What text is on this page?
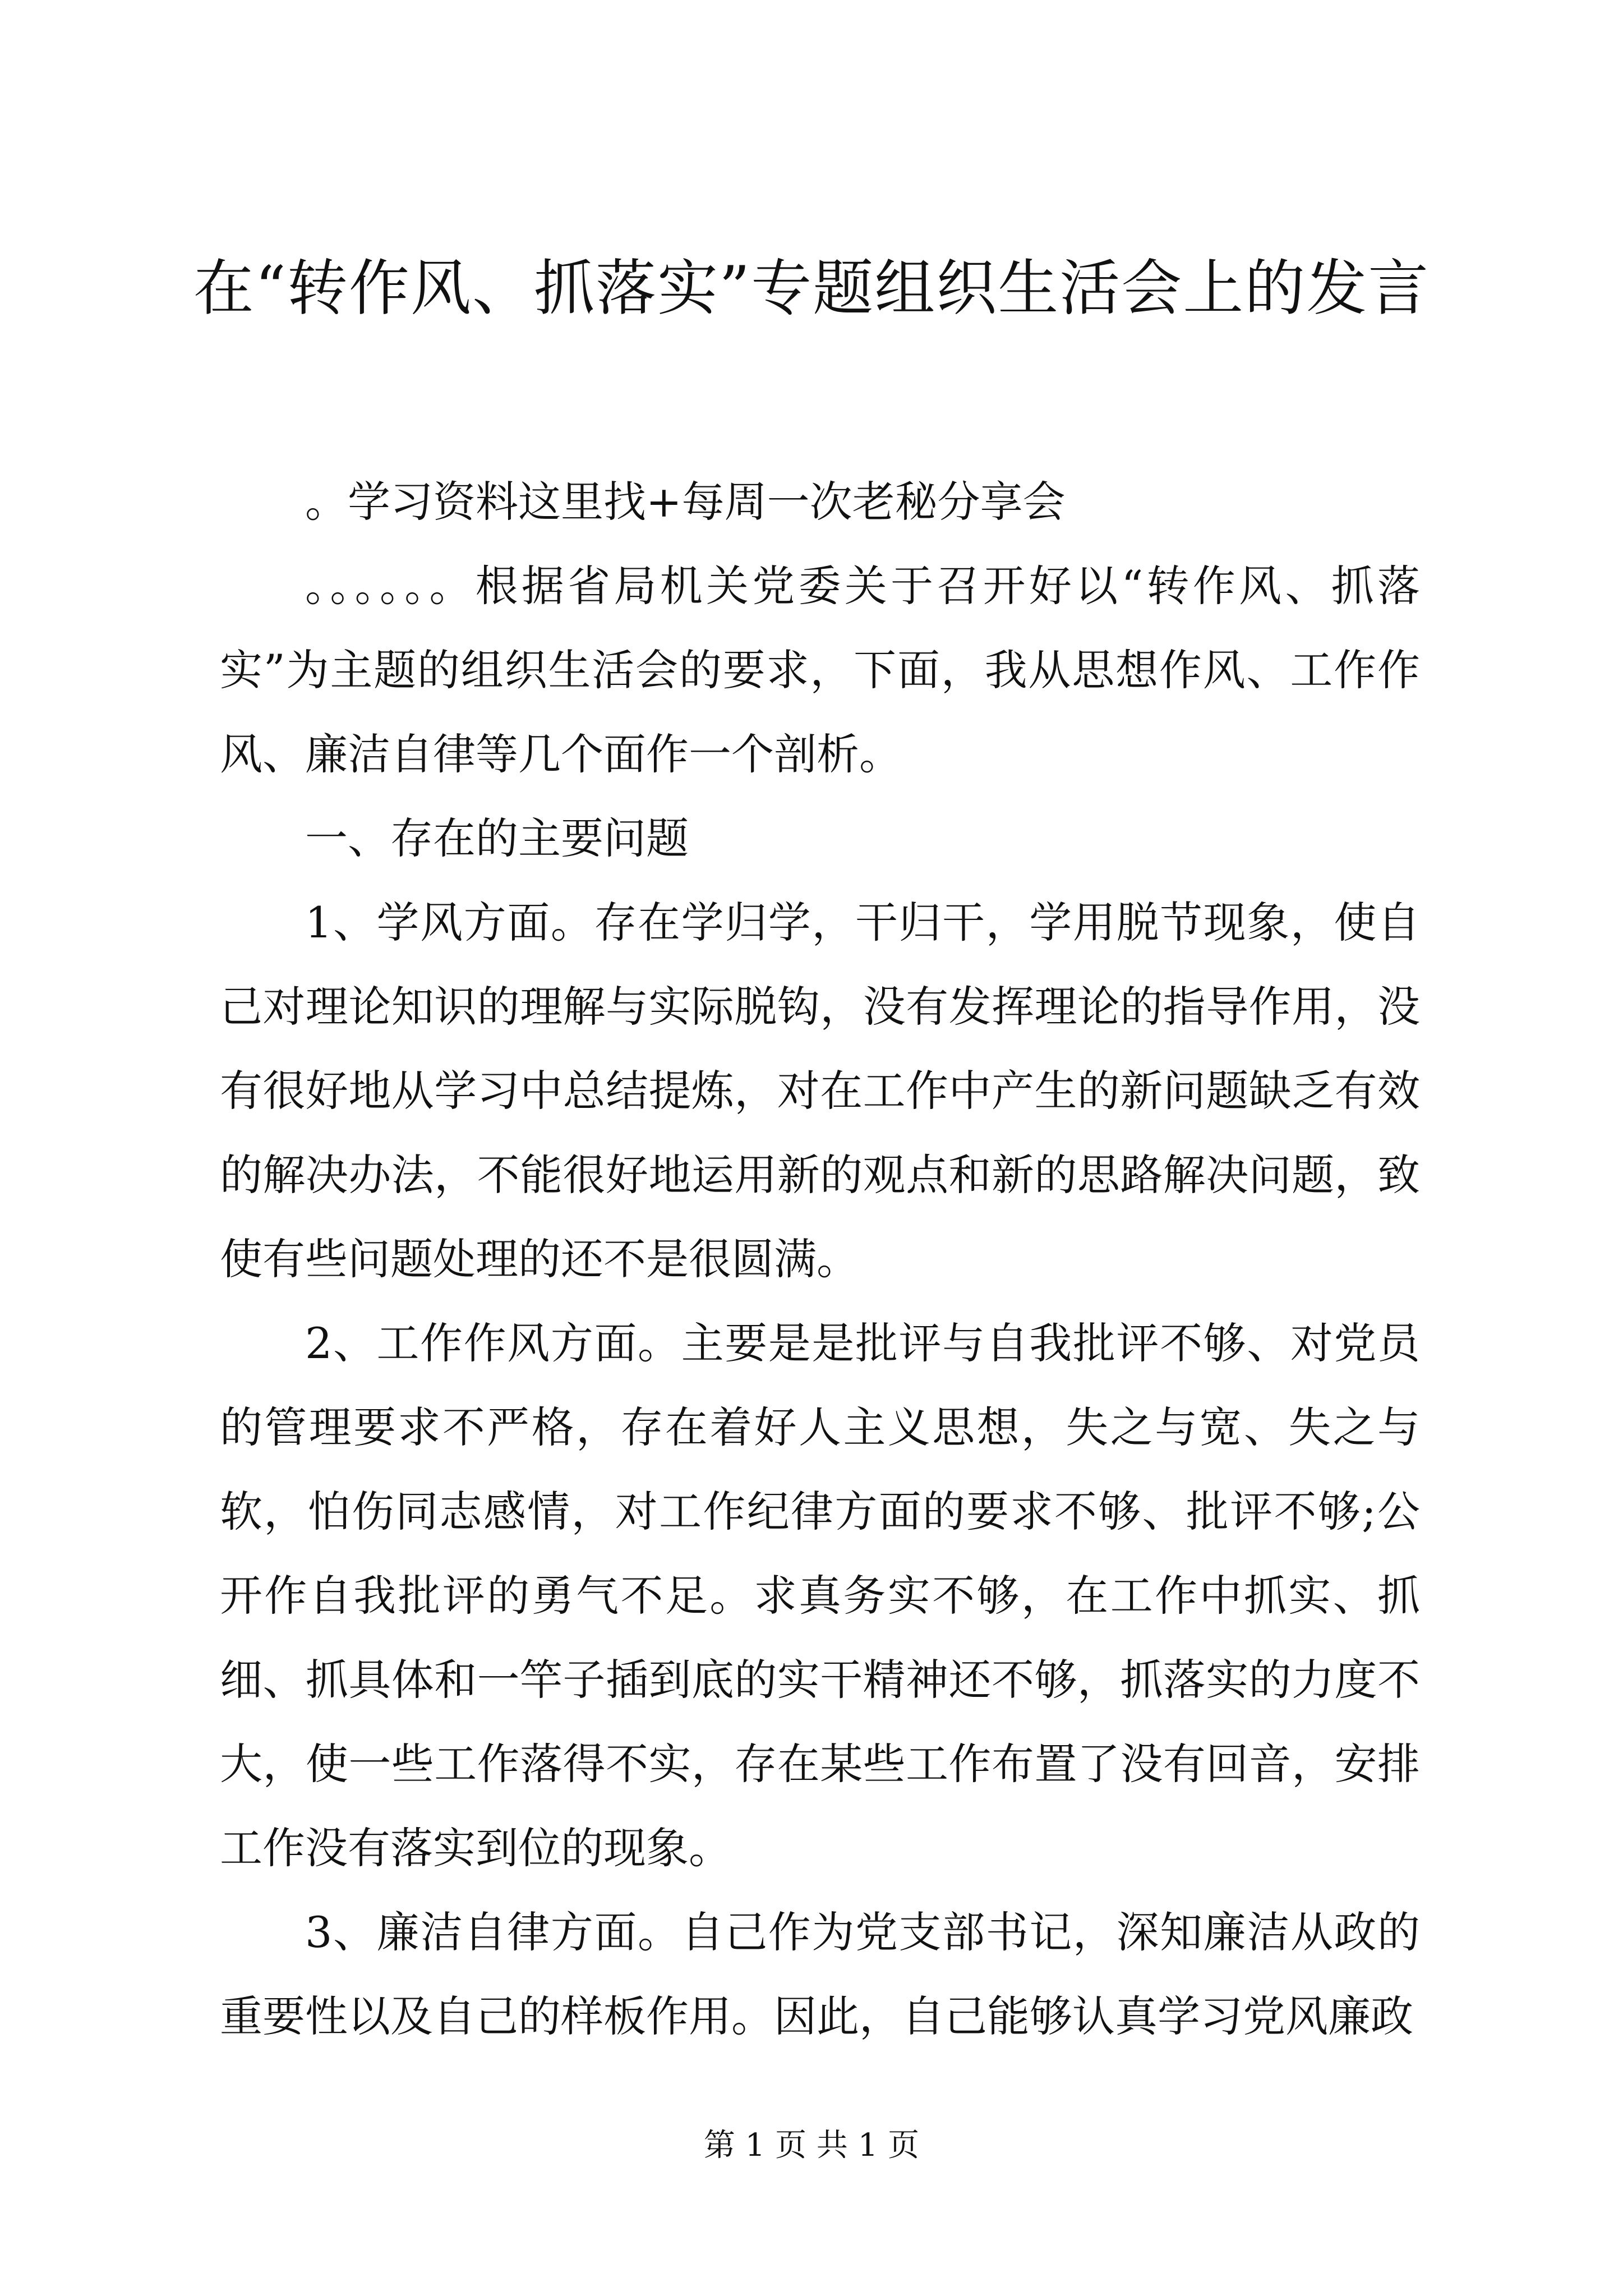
在“转作风、抓落实”专题组织生活会上的发言

。学习资料这里找+每周一次老秘分享会

。。。。。。根据省局机关党委关于召开好以“转作风、抓落实”为主题的组织生活会的要求，下面，我从思想作风、工作作风、廉洁自律等几个面作一个剖析。

一、存在的主要问题

1、学风方面。存在学归学，干归干，学用脱节现象，使自己对理论知识的理解与实际脱钩，没有发挥理论的指导作用，没有很好地从学习中总结提炼，对在工作中产生的新问题缺乏有效的解决办法，不能很好地运用新的观点和新的思路解决问题，致使有些问题处理的还不是很圆满。

2、工作作风方面。主要是是批评与自我批评不够、对党员的管理要求不严格，存在着好人主义思想，失之与宽、失之与软，怕伤同志感情，对工作纪律方面的要求不够、批评不够;公开作自我批评的勇气不足。求真务实不够，在工作中抓实、抓细、抓具体和一竿子插到底的实干精神还不够，抓落实的力度不大，使一些工作落得不实，存在某些工作布置了没有回音，安排工作没有落实到位的现象。

3、廉洁自律方面。自己作为党支部书记，深知廉洁从政的重要性以及自己的样板作用。因此，自己能够认真学习党风廉政

第 1 页 共 1 页
